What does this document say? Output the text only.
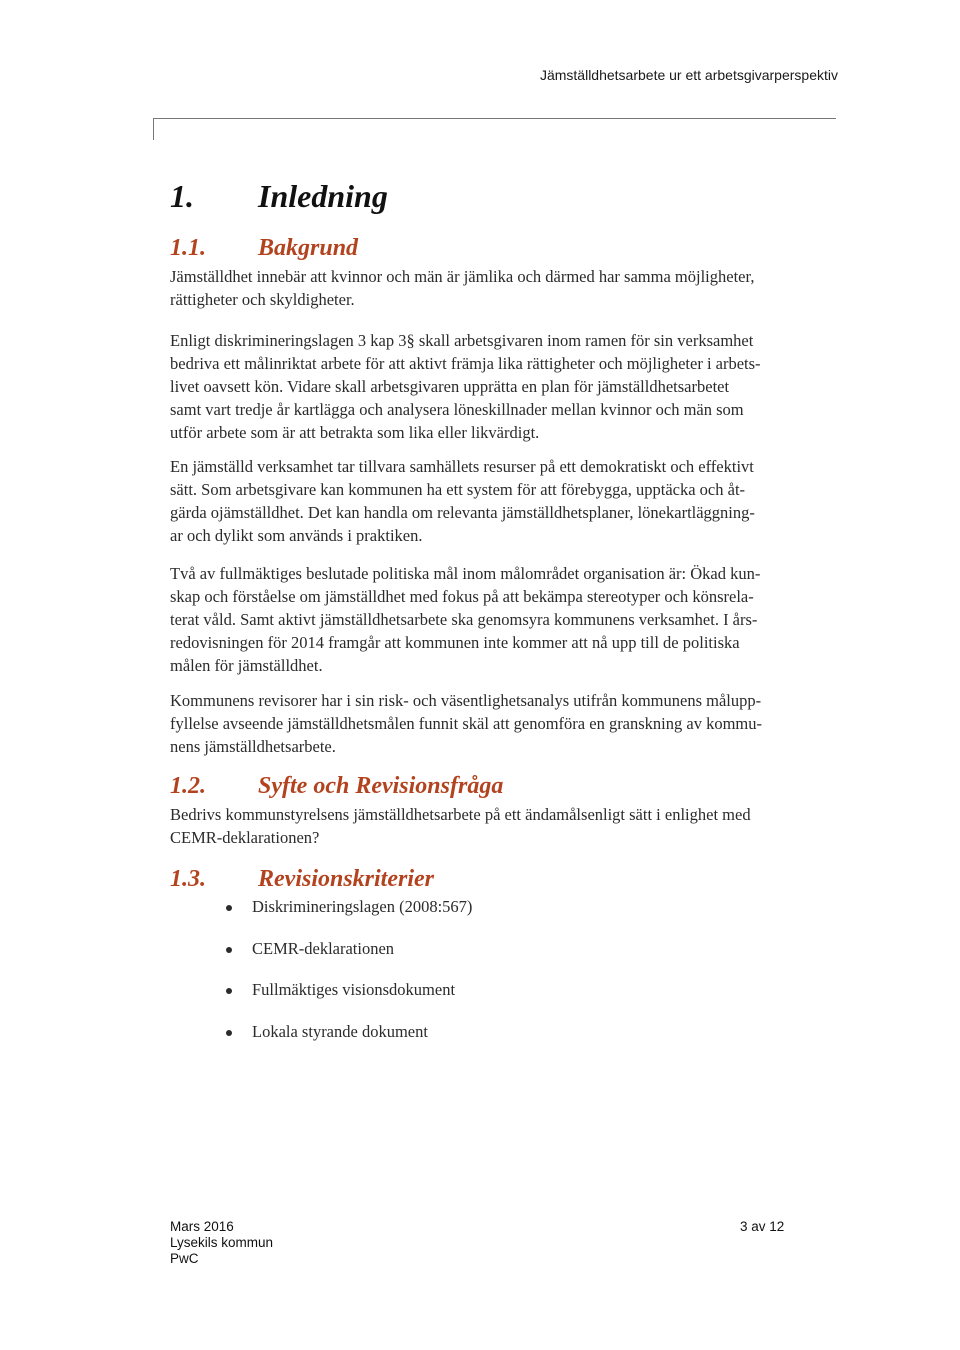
Jämställdhetsarbete ur ett arbetsgivarperspektiv
1.	Inledning
1.1.	Bakgrund
Jämställdhet innebär att kvinnor och män är jämlika och därmed har samma möjligheter,
rättigheter och skyldigheter.
Enligt diskrimineringslagen 3 kap 3§ skall arbetsgivaren inom ramen för sin verksamhet
bedriva ett målinriktat arbete för att aktivt främja lika rättigheter och möjligheter i arbets-
livet oavsett kön. Vidare skall arbetsgivaren upprätta en plan för jämställdhetsarbetet
samt vart tredje år kartlägga och analysera löneskillnader mellan kvinnor och män som
utför arbete som är att betrakta som lika eller likvärdigt.
En jämställd verksamhet tar tillvara samhällets resurser på ett demokratiskt och effektivt
sätt. Som arbetsgivare kan kommunen ha ett system för att förebygga, upptäcka och åt-
gärda ojämställdhet. Det kan handla om relevanta jämställdhetsplaner, lönekartläggning-
ar och dylikt som används i praktiken.
Två av fullmäktiges beslutade politiska mål inom målområdet organisation är: Ökad kun-
skap och förståelse om jämställdhet med fokus på att bekämpa stereotyper och könsrela-
terat våld. Samt aktivt jämställdhetsarbete ska genomsyra kommunens verksamhet. I års-
redovisningen för 2014 framgår att kommunen inte kommer att nå upp till de politiska
målen för jämställdhet.
Kommunens revisorer har i sin risk- och väsentlighetsanalys utifrån kommunens målupp-
fyllelse avseende jämställdhetsmålen funnit skäl att genomföra en granskning av kommu-
nens jämställdhetsarbete.
1.2.	Syfte och Revisionsfråga
Bedrivs kommunstyrelsens jämställdhetsarbete på ett ändamålsenligt sätt i enlighet med
CEMR-deklarationen?
1.3.	Revisionskriterier
Diskrimineringslagen (2008:567)
CEMR-deklarationen
Fullmäktiges visionsdokument
Lokala styrande dokument
Mars 2016
Lysekils kommun
PwC
3 av 12
